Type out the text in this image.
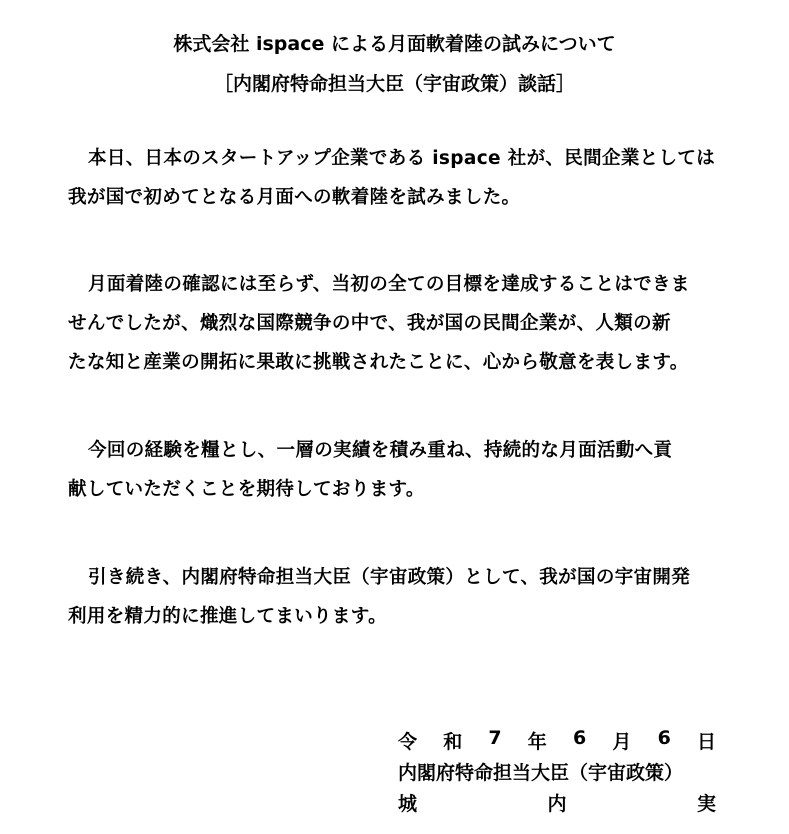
株式会社 ispace による月面軟着陸の試みについて
［内閣府特命担当大臣（宇宙政策）談話］
本日、日本のスタートアップ企業である ispace 社が、民間企業としては
我が国で初めてとなる月面への軟着陸を試みました。
月面着陸の確認には至らず、当初の全ての目標を達成することはできま
せんでしたが、熾烈な国際競争の中で、我が国の民間企業が、人類の新
たな知と産業の開拓に果敢に挑戦されたことに、心から敬意を表します。
今回の経験を糧とし、一層の実績を積み重ね、持続的な月面活動へ貢
献していただくことを期待しております。
引き続き、内閣府特命担当大臣（宇宙政策）として、我が国の宇宙開発
利用を精力的に推進してまいります。
令 和 7 年 6 月 6 日
内閣府特命担当大臣（宇宙政策）
城	内	実
